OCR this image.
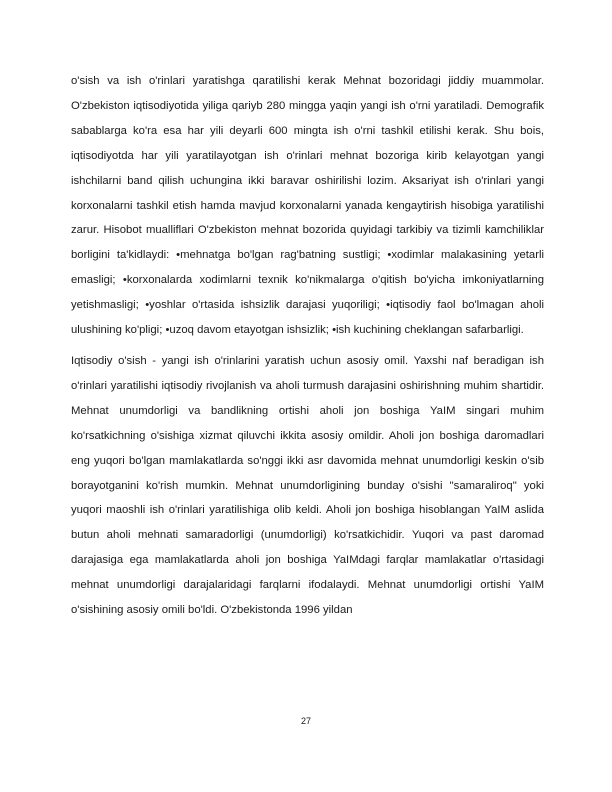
o'sish va ish o'rinlari yaratishga qaratilishi kerak Mehnat bozoridagi jiddiy muammolar. O'zbekiston iqtisodiyotida yiliga qariyb 280 mingga yaqin yangi ish o'rni yaratiladi. Demografik sabablarga ko'ra esa har yili deyarli 600 mingta ish o'rni tashkil etilishi kerak. Shu bois, iqtisodiyotda har yili yaratilayotgan ish o'rinlari mehnat bozoriga kirib kelayotgan yangi ishchilarni band qilish uchungina ikki baravar oshirilishi lozim. Aksariyat ish o'rinlari yangi korxonalarni tashkil etish hamda mavjud korxonalarni yanada kengaytirish hisobiga yaratilishi zarur. Hisobot mualliflari O'zbekiston mehnat bozorida quyidagi tarkibiy va tizimli kamchiliklar borligini ta'kidlaydi: •mehnatga bo'lgan rag'batning sustligi; •xodimlar malakasining yetarli emasligi; •korxonalarda xodimlarni texnik ko'nikmalarga o'qitish bo'yicha imkoniyatlarning yetishmasligi; •yoshlar o'rtasida ishsizlik darajasi yuqoriligi; •iqtisodiy faol bo'lmagan aholi ulushining ko'pligi; •uzoq davom etayotgan ishsizlik; •ish kuchining cheklangan safarbarligi.

Iqtisodiy o'sish - yangi ish o'rinlarini yaratish uchun asosiy omil. Yaxshi naf beradigan ish o'rinlari yaratilishi iqtisodiy rivojlanish va aholi turmush darajasini oshirishning muhim shartidir. Mehnat unumdorligi va bandlikning ortishi aholi jon boshiga YaIM singari muhim ko'rsatkichning o'sishiga xizmat qiluvchi ikkita asosiy omildir. Aholi jon boshiga daromadlari eng yuqori bo'lgan mamlakatlarda so'nggi ikki asr davomida mehnat unumdorligi keskin o'sib borayotganini ko'rish mumkin. Mehnat unumdorligining bunday o'sishi "samaraliroq" yoki yuqori maoshli ish o'rinlari yaratilishiga olib keldi. Aholi jon boshiga hisoblangan YaIM aslida butun aholi mehnati samaradorligi (unumdorligi) ko'rsatkichidir. Yuqori va past daromad darajasiga ega mamlakatlarda aholi jon boshiga YaIMdagi farqlar mamlakatlar o'rtasidagi mehnat unumdorligi darajalaridagi farqlarni ifodalaydi. Mehnat unumdorligi ortishi YaIM o'sishining asosiy omili bo'ldi. O'zbekistonda 1996 yildan

27
